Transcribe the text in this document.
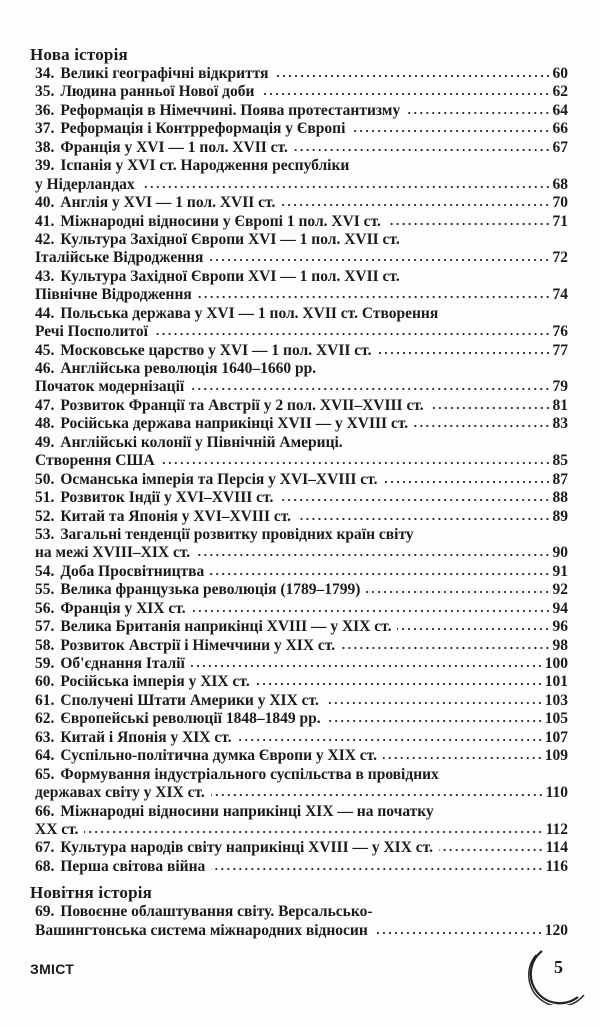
Нова історія
34. Великі географічні відкриття	60
35. Людина ранньої Нової доби	62
36. Реформація в Німеччині. Поява протестантизму	64
37. Реформація і Контрреформація у Європі	66
38. Франція у XVI — 1 пол. XVII ст.	67
39. Іспанія у XVI ст. Народження республіки
у Нідерландах	68
40. Англія у XVI — 1 пол. XVII ст.	70
41. Міжнародні відносини у Європі 1 пол. XVI ст.	71
42. Культура Західної Європи XVI — 1 пол. XVII ст.
Італійське Відродження	72
43. Культура Західної Європи XVI — 1 пол. XVII ст.
Північне Відродження	74
44. Польська держава у XVI — 1 пол. XVII ст. Створення
Речі Посполитої	76
45. Московське царство у XVI — 1 пол. XVII ст.	77
46. Англійська революція 1640–1660 рр.
Початок модернізації	79
47. Розвиток Франції та Австрії у 2 пол. XVII–XVIII ст.	81
48. Російська держава наприкінці XVII — у XVIII ст.	83
49. Англійські колонії у Північній Америці.
Створення США	85
50. Османська імперія та Персія у XVI–XVIII ст.	87
51. Розвиток Індії у XVI–XVIII ст.	88
52. Китай та Японія у XVI–XVIII ст.	89
53. Загальні тенденції розвитку провідних країн світу
на межі XVIII–XIX ст.	90
54. Доба Просвітництва	91
55. Велика французька революція (1789–1799)	92
56. Франція у XIX ст.	94
57. Велика Британія наприкінці XVIII — у XIX ст.	96
58. Розвиток Австрії і Німеччини у XIX ст.	98
59. Об'єднання Італії	100
60. Російська імперія у XIX ст.	101
61. Сполучені Штати Америки у XIX ст.	103
62. Європейські революції 1848–1849 рр.	105
63. Китай і Японія у XIX ст.	107
64. Суспільно-політична думка Європи у XIX ст.	109
65. Формування індустріального суспільства в провідних
державах світу у XIX ст.	110
66. Міжнародні відносини наприкінці XIX — на початку
XX ст.	112
67. Культура народів світу наприкінці XVIII — у XIX ст.	114
68. Перша світова війна	116
Новітня історія
69. Повоєнне облаштування світу. Версальсько-
Вашингтонська система міжнародних відносин	120
ЗМІСТ	5
